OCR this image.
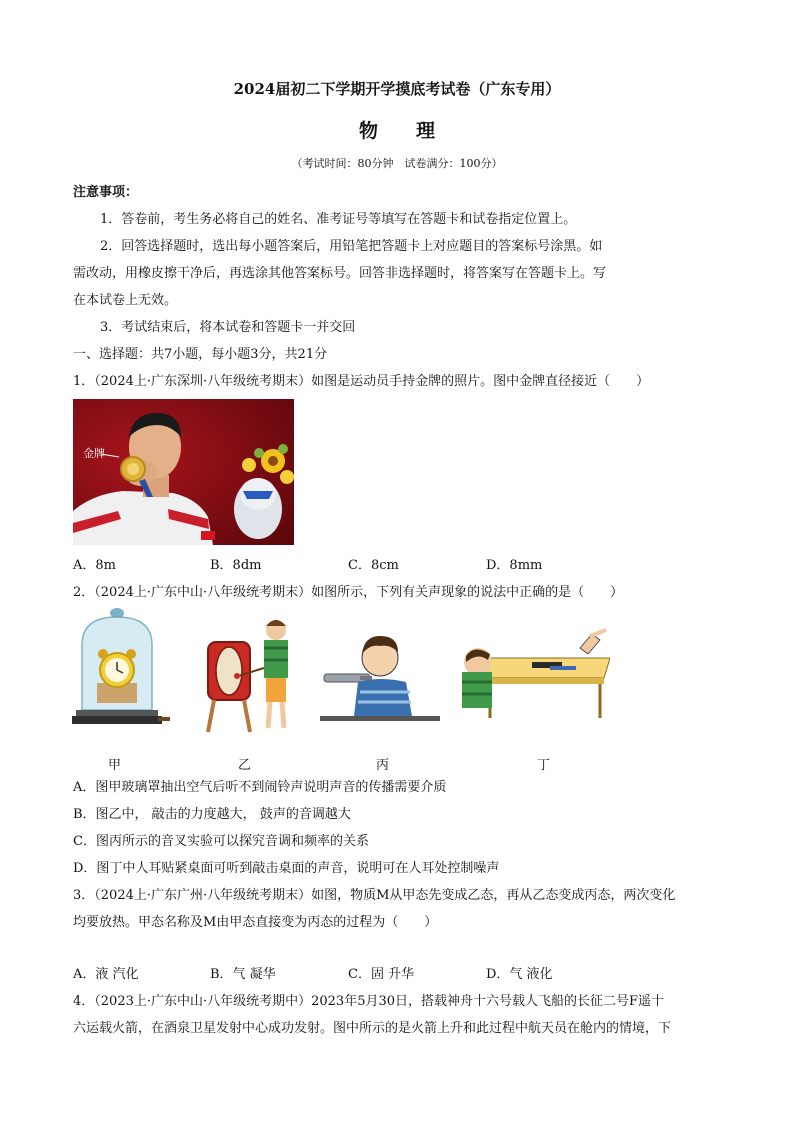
2024届初二下学期开学摸底考试卷（广东专用）
物　　理
（考试时间：80分钟　试卷满分：100分）
注意事项：
1．答卷前，考生务必将自己的姓名、准考证号等填写在答题卡和试卷指定位置上。
2．回答选择题时，选出每小题答案后，用铅笔把答题卡上对应题目的答案标号涂黑。如
需改动，用橡皮擦干净后，再选涂其他答案标号。回答非选择题时，将答案写在答题卡上。写
在本试卷上无效。
3．考试结束后，将本试卷和答题卡一并交回
一、选择题：共7小题，每小题3分，共21分
1．（2024上·广东深圳·八年级统考期末）如图是运动员手持金牌的照片。图中金牌直径接近（　　）
金牌
A．8m	B．8dm	C．8cm	D．8mm
2．（2024上·广东中山·八年级统考期末）如图所示，下列有关声现象的说法中正确的是（　　）
甲	乙	丙	丁
A．图甲玻璃罩抽出空气后听不到闹铃声说明声音的传播需要介质
B．图乙中， 敲击的力度越大， 鼓声的音调越大
C．图丙所示的音叉实验可以探究音调和频率的关系
D．图丁中人耳贴紧桌面可听到敲击桌面的声音，说明可在人耳处控制噪声
3．（2024上·广东广州·八年级统考期末）如图，物质M从甲态先变成乙态，再从乙态变成丙态，两次变化
均要放热。甲态名称及M由甲态直接变为丙态的过程为（　　）
A．液 汽化	B．气 凝华	C．固 升华	D．气 液化
4．（2023上·广东中山·八年级统考期中）2023年5月30日，搭载神舟十六号载人飞船的长征二号F遥十
六运载火箭，在酒泉卫星发射中心成功发射。图中所示的是火箭上升和此过程中航天员在舱内的情境，下
